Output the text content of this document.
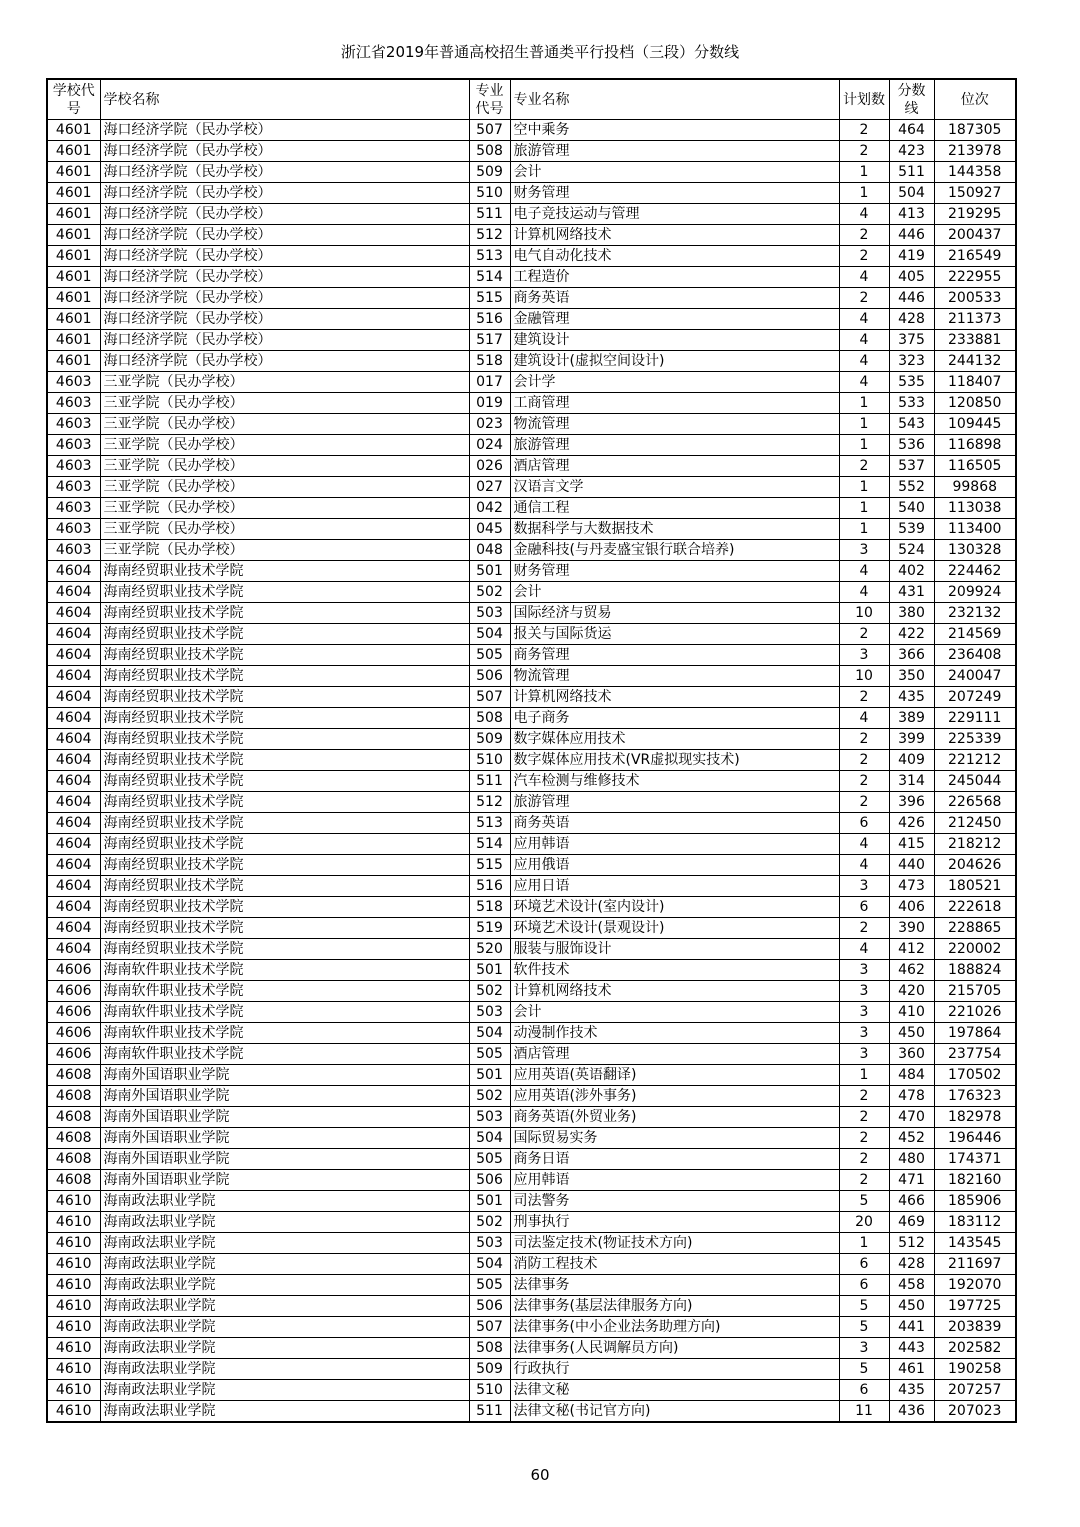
浙江省2019年普通高校招生普通类平行投档（三段）分数线
学校代号	学校名称	专业代号	专业名称	计划数	分数线	位次
4601	海口经济学院（民办学校）	507	空中乘务	2	464	187305
4601	海口经济学院（民办学校）	508	旅游管理	2	423	213978
4601	海口经济学院（民办学校）	509	会计	1	511	144358
4601	海口经济学院（民办学校）	510	财务管理	1	504	150927
4601	海口经济学院（民办学校）	511	电子竞技运动与管理	4	413	219295
4601	海口经济学院（民办学校）	512	计算机网络技术	2	446	200437
4601	海口经济学院（民办学校）	513	电气自动化技术	2	419	216549
4601	海口经济学院（民办学校）	514	工程造价	4	405	222955
4601	海口经济学院（民办学校）	515	商务英语	2	446	200533
4601	海口经济学院（民办学校）	516	金融管理	4	428	211373
4601	海口经济学院（民办学校）	517	建筑设计	4	375	233881
4601	海口经济学院（民办学校）	518	建筑设计(虚拟空间设计)	4	323	244132
4603	三亚学院（民办学校）	017	会计学	4	535	118407
4603	三亚学院（民办学校）	019	工商管理	1	533	120850
4603	三亚学院（民办学校）	023	物流管理	1	543	109445
4603	三亚学院（民办学校）	024	旅游管理	1	536	116898
4603	三亚学院（民办学校）	026	酒店管理	2	537	116505
4603	三亚学院（民办学校）	027	汉语言文学	1	552	99868
4603	三亚学院（民办学校）	042	通信工程	1	540	113038
4603	三亚学院（民办学校）	045	数据科学与大数据技术	1	539	113400
4603	三亚学院（民办学校）	048	金融科技(与丹麦盛宝银行联合培养)	3	524	130328
4604	海南经贸职业技术学院	501	财务管理	4	402	224462
4604	海南经贸职业技术学院	502	会计	4	431	209924
4604	海南经贸职业技术学院	503	国际经济与贸易	10	380	232132
4604	海南经贸职业技术学院	504	报关与国际货运	2	422	214569
4604	海南经贸职业技术学院	505	商务管理	3	366	236408
4604	海南经贸职业技术学院	506	物流管理	10	350	240047
4604	海南经贸职业技术学院	507	计算机网络技术	2	435	207249
4604	海南经贸职业技术学院	508	电子商务	4	389	229111
4604	海南经贸职业技术学院	509	数字媒体应用技术	2	399	225339
4604	海南经贸职业技术学院	510	数字媒体应用技术(VR虚拟现实技术)	2	409	221212
4604	海南经贸职业技术学院	511	汽车检测与维修技术	2	314	245044
4604	海南经贸职业技术学院	512	旅游管理	2	396	226568
4604	海南经贸职业技术学院	513	商务英语	6	426	212450
4604	海南经贸职业技术学院	514	应用韩语	4	415	218212
4604	海南经贸职业技术学院	515	应用俄语	4	440	204626
4604	海南经贸职业技术学院	516	应用日语	3	473	180521
4604	海南经贸职业技术学院	518	环境艺术设计(室内设计)	6	406	222618
4604	海南经贸职业技术学院	519	环境艺术设计(景观设计)	2	390	228865
4604	海南经贸职业技术学院	520	服装与服饰设计	4	412	220002
4606	海南软件职业技术学院	501	软件技术	3	462	188824
4606	海南软件职业技术学院	502	计算机网络技术	3	420	215705
4606	海南软件职业技术学院	503	会计	3	410	221026
4606	海南软件职业技术学院	504	动漫制作技术	3	450	197864
4606	海南软件职业技术学院	505	酒店管理	3	360	237754
4608	海南外国语职业学院	501	应用英语(英语翻译)	1	484	170502
4608	海南外国语职业学院	502	应用英语(涉外事务)	2	478	176323
4608	海南外国语职业学院	503	商务英语(外贸业务)	2	470	182978
4608	海南外国语职业学院	504	国际贸易实务	2	452	196446
4608	海南外国语职业学院	505	商务日语	2	480	174371
4608	海南外国语职业学院	506	应用韩语	2	471	182160
4610	海南政法职业学院	501	司法警务	5	466	185906
4610	海南政法职业学院	502	刑事执行	20	469	183112
4610	海南政法职业学院	503	司法鉴定技术(物证技术方向)	1	512	143545
4610	海南政法职业学院	504	消防工程技术	6	428	211697
4610	海南政法职业学院	505	法律事务	6	458	192070
4610	海南政法职业学院	506	法律事务(基层法律服务方向)	5	450	197725
4610	海南政法职业学院	507	法律事务(中小企业法务助理方向)	5	441	203839
4610	海南政法职业学院	508	法律事务(人民调解员方向)	3	443	202582
4610	海南政法职业学院	509	行政执行	5	461	190258
4610	海南政法职业学院	510	法律文秘	6	435	207257
4610	海南政法职业学院	511	法律文秘(书记官方向)	11	436	207023
60
